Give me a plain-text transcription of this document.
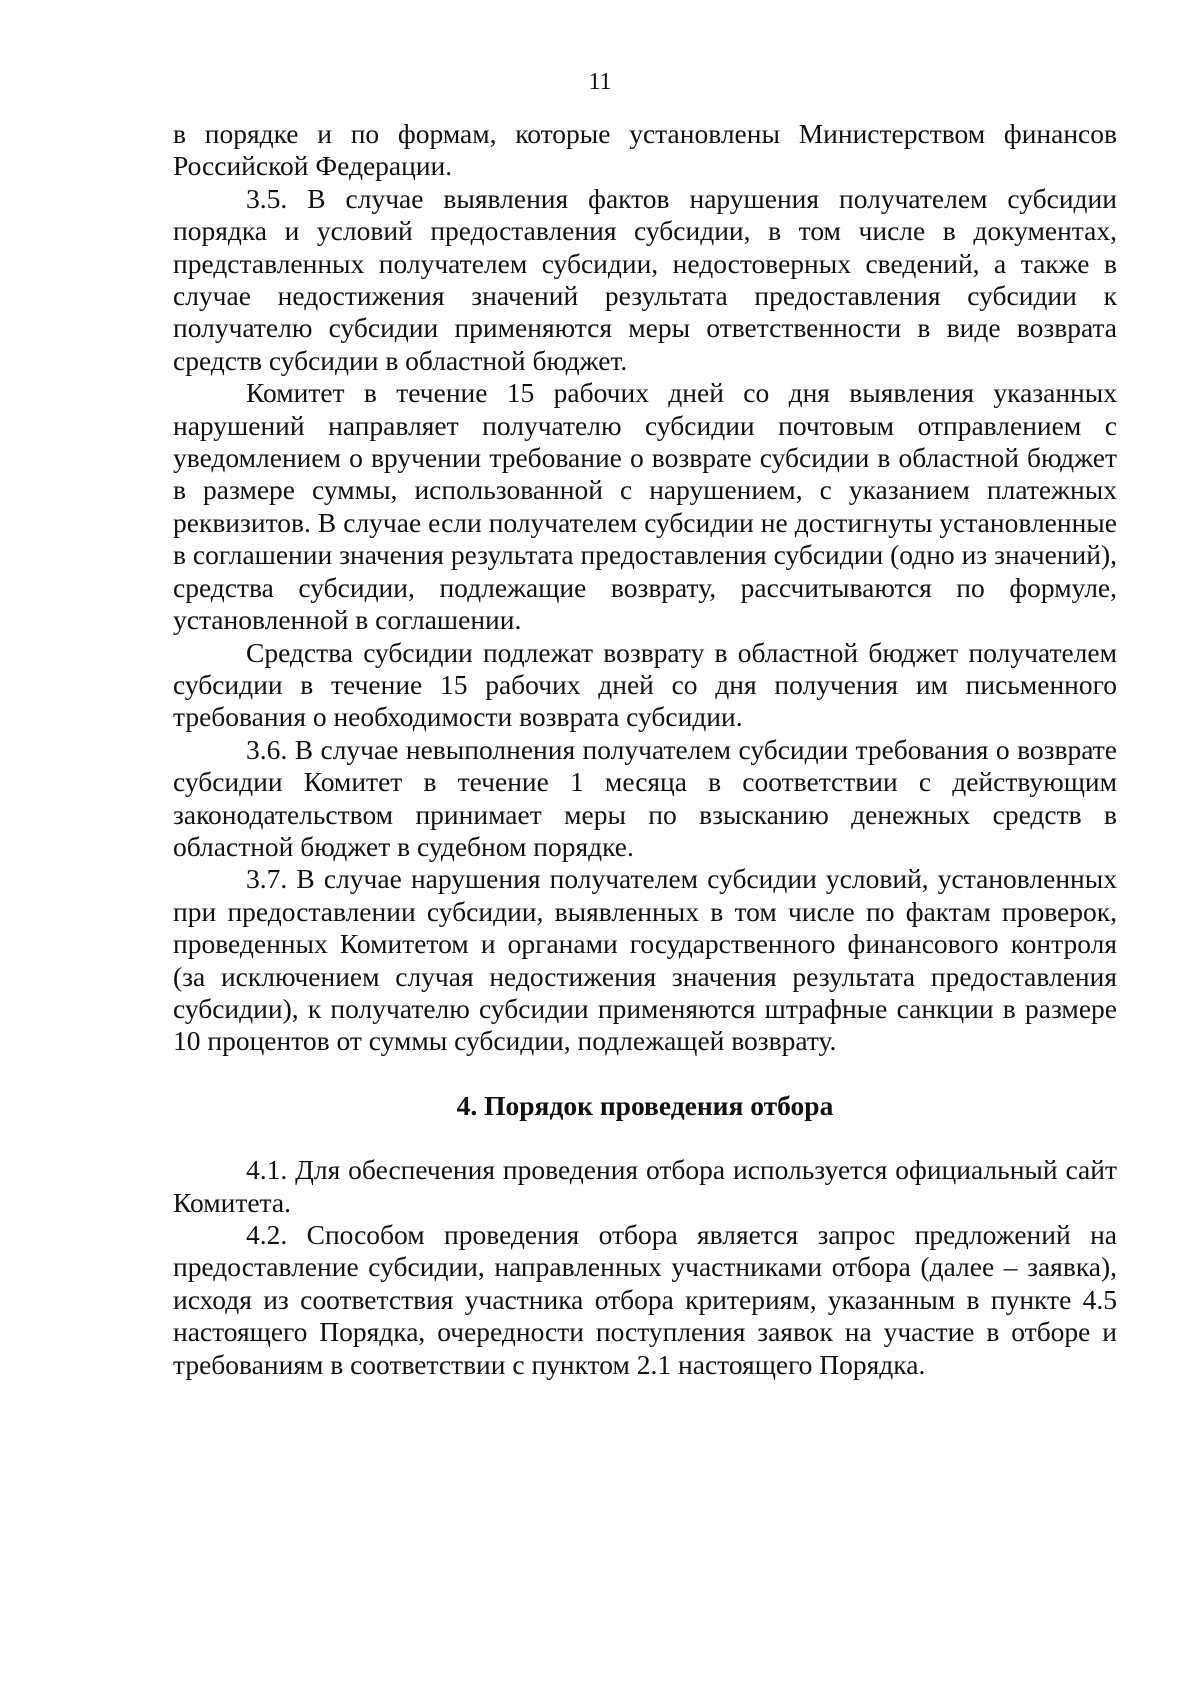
11

в порядке и по формам, которые установлены Министерством финансов Российской Федерации.

3.5. В случае выявления фактов нарушения получателем субсидии порядка и условий предоставления субсидии, в том числе в документах, представленных получателем субсидии, недостоверных сведений, а также в случае недостижения значений результата предоставления субсидии к получателю субсидии применяются меры ответственности в виде возврата средств субсидии в областной бюджет.

Комитет в течение 15 рабочих дней со дня выявления указанных нарушений направляет получателю субсидии почтовым отправлением с уведомлением о вручении требование о возврате субсидии в областной бюджет в размере суммы, использованной с нарушением, с указанием платежных реквизитов. В случае если получателем субсидии не достигнуты установленные в соглашении значения результата предоставления субсидии (одно из значений), средства субсидии, подлежащие возврату, рассчитываются по формуле, установленной в соглашении.

Средства субсидии подлежат возврату в областной бюджет получателем субсидии в течение 15 рабочих дней со дня получения им письменного требования о необходимости возврата субсидии.

3.6. В случае невыполнения получателем субсидии требования о возврате субсидии Комитет в течение 1 месяца в соответствии с действующим законодательством принимает меры по взысканию денежных средств в областной бюджет в судебном порядке.

3.7. В случае нарушения получателем субсидии условий, установленных при предоставлении субсидии, выявленных в том числе по фактам проверок, проведенных Комитетом и органами государственного финансового контроля (за исключением случая недостижения значения результата предоставления субсидии), к получателю субсидии применяются штрафные санкции в размере 10 процентов от суммы субсидии, подлежащей возврату.

4. Порядок проведения отбора

4.1. Для обеспечения проведения отбора используется официальный сайт Комитета.

4.2. Способом проведения отбора является запрос предложений на предоставление субсидии, направленных участниками отбора (далее – заявка), исходя из соответствия участника отбора критериям, указанным в пункте 4.5 настоящего Порядка, очередности поступления заявок на участие в отборе и требованиям в соответствии с пунктом 2.1 настоящего Порядка.
